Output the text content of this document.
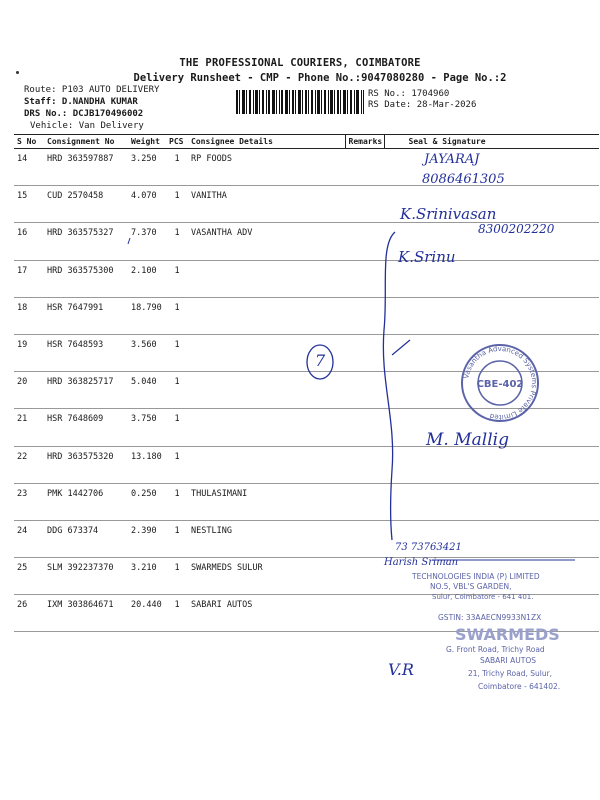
THE PROFESSIONAL COURIERS, COIMBATORE
Delivery Runsheet - CMP - Phone No.:9047080280 - Page No.:2
Route: P103 AUTO DELIVERY
Staff: D.NANDHA KUMAR
DRS No.: DCJB170496002
Vehicle: Van Delivery
RS No.: 1704960
RS Date: 28-Mar-2026
S No	Consignment No	Weight	PCS	Consignee Details	Remarks	Seal & Signature
14	HRD 363597887	3.250	1	RP FOODS		
15	CUD 2570458	4.070	1	VANITHA		
16	HRD 363575327	7.370	1	VASANTHA ADV		
17	HRD 363575300	2.100	1			
18	HSR 7647991	18.790	1			
19	HSR 7648593	3.560	1			
20	HRD 363825717	5.040	1			
21	HSR 7648609	3.750	1			
22	HRD 363575320	13.180	1			
23	PMK 1442706	0.250	1	THULASIMANI		
24	DDG 673374	2.390	1	NESTLING		
25	SLM 392237370	3.210	1	SWARMEDS SULUR		
26	IXM 303864671	20.440	1	SABARI AUTOS		
Vasantha Advanced Systems Private Limited
CBE-402
JAYARAJ
8086461305
K.Srinivasan
8300202220
K.Srinu
7
M. Mallig
73 73763421
Harish Sriman
TECHNOLOGIES INDIA (P) LIMITED
NO.5, VBL'S GARDEN,
Sulur, Coimbatore - 641 401.
GSTIN: 33AAECN9933N1ZX
SWARMEDS
G. Front Road, Trichy Road
SABARI AUTOS
21, Trichy Road, Sulur,
Coimbatore - 641402.
V.R
